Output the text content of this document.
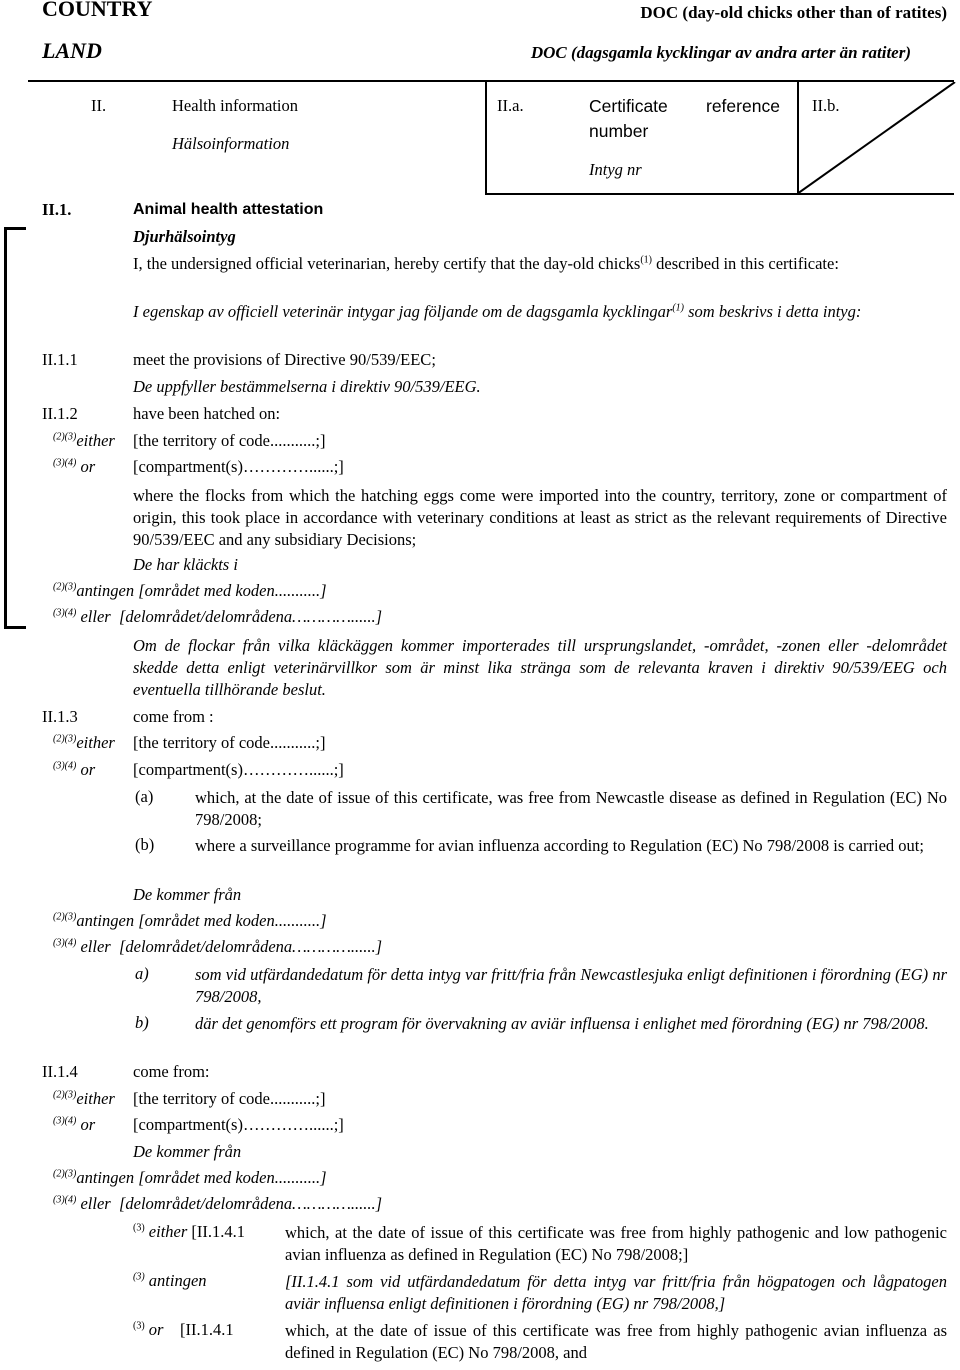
COUNTRY
LAND
DOC (day-old chicks other than of ratites)
DOC (dagsgamla kycklingar av andra arter än ratiter)
II.	Health information
Hälsoinformation
II.a.	Certificate reference
number
Intyg nr
II.b.
II.1.	Animal health attestation
Djurhälsointyg
I, the undersigned official veterinarian, hereby certify that the day-old chicks$^{(1)}$ described in this certificate:
I egenskap av officiell veterinär intygar jag följande om de dagsgamla kycklingar$^{(1)}$ som beskrivs i detta intyg:
II.1.1	meet the provisions of Directive 90/539/EEC;
De uppfyller bestämmelserna i direktiv 90/539/EEG.
II.1.2	have been hatched on:
$^{(2)(3)}$either [the territory of code...........;]
$^{(3)(4)}$ or [compartment(s)…………......;]
where the flocks from which the hatching eggs come were imported into the country, territory, zone or compartment of origin, this took place in accordance with veterinary conditions at least as strict as the relevant requirements of Directive 90/539/EEC and any subsidiary Decisions;
De har kläckts i
$^{(2)(3)}$antingen [området med koden...........]
$^{(3)(4)}$ eller [delområdet/delområdena…………......]
Om de flockar från vilka kläckäggen kommer importerades till ursprungslandet, -området, -zonen eller -delområdet skedde detta enligt veterinärvillkor som är minst lika stränga som de relevanta kraven i direktiv 90/539/EEG och eventuella tillhörande beslut.
II.1.3	come from :
$^{(2)(3)}$either [the territory of code...........;]
$^{(3)(4)}$ or [compartment(s)…………......;]
(a)	which, at the date of issue of this certificate, was free from Newcastle disease as defined in Regulation (EC) No 798/2008;
(b) where a surveillance programme for avian influenza according to Regulation (EC) No 798/2008 is carried out;
De kommer från
$^{(2)(3)}$antingen [området med koden...........]
$^{(3)(4)}$ eller [delområdet/delområdena…………......]
a)	som vid utfärdandedatum för detta intyg var fritt/fria från Newcastlesjuka enligt definitionen i förordning (EG) nr 798/2008,
b)	där det genomförs ett program för övervakning av aviär influensa i enlighet med förordning (EG) nr 798/2008.
II.1.4	come from:
$^{(2)(3)}$either [the territory of code...........;]
$^{(3)(4)}$ or [compartment(s)…………......;]
De kommer från
$^{(2)(3)}$antingen [området med koden...........]
$^{(3)(4)}$ eller [delområdet/delområdena…………......]
$^{(3)}$ either [II.1.4.1 which, at the date of issue of this certificate was free from highly pathogenic and low pathogenic avian influenza as defined in Regulation (EC) No 798/2008;]
$^{(3)}$ antingen	[II.1.4.1 som vid utfärdandedatum för detta intyg var fritt/fria från högpatogen och lågpatogen aviär influensa enligt definitionen i förordning (EG) nr 798/2008,]
$^{(3)}$ or [II.1.4.1	which, at the date of issue of this certificate was free from highly pathogenic avian influenza as defined in Regulation (EC) No 798/2008, and
